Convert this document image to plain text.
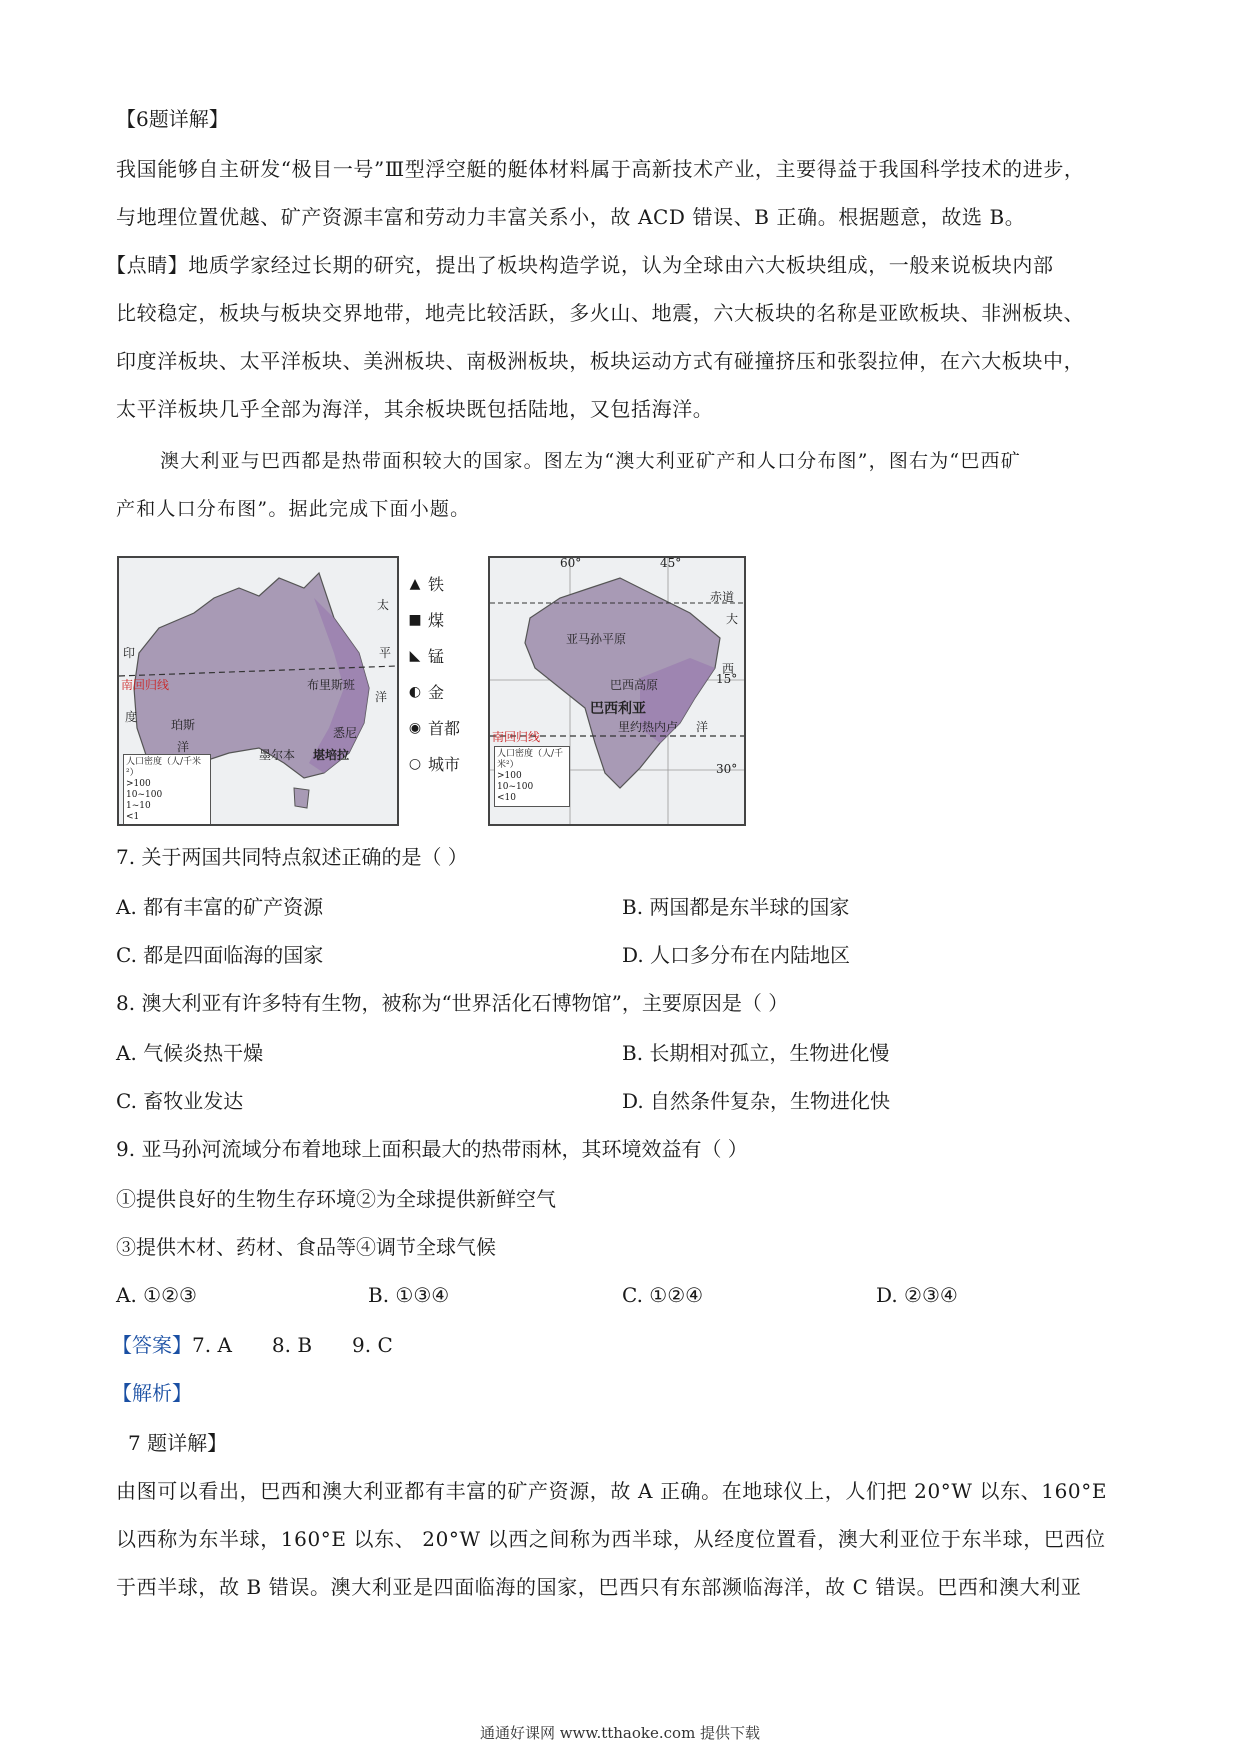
【6题详解】
我国能够自主研发“极目一号”Ⅲ型浮空艇的艇体材料属于高新技术产业，主要得益于我国科学技术的进步，
与地理位置优越、矿产资源丰富和劳动力丰富关系小，故 ACD 错误、B 正确。根据题意，故选 B。
【点睛】地质学家经过长期的研究，提出了板块构造学说，认为全球由六大板块组成，一般来说板块内部
比较稳定，板块与板块交界地带，地壳比较活跃，多火山、地震，六大板块的名称是亚欧板块、非洲板块、
印度洋板块、太平洋板块、美洲板块、南极洲板块，板块运动方式有碰撞挤压和张裂拉伸，在六大板块中，
太平洋板块几乎全部为海洋，其余板块既包括陆地，又包括海洋。
澳大利亚与巴西都是热带面积较大的国家。图左为“澳大利亚矿产和人口分布图”，图右为“巴西矿
产和人口分布图”。据此完成下面小题。
印
度
洋
太
平
洋
南回归线
珀斯
布里斯班
悉尼
墨尔本 堪培拉
人口密度（人/千米²）
>100
10~100
1~10
<1
▲ 铁
■ 煤
◣ 锰
◐ 金
◉ 首都
○ 城市
60°	45°
赤道
大
亚马孙平原
巴西高原
巴西利亚
里约热内卢
西
洋
15°
30°
南回归线
人口密度（人/千米²）
>100
10~100
<10
7. 关于两国共同特点叙述正确的是（ ）
A. 都有丰富的矿产资源	B. 两国都是东半球的国家
C. 都是四面临海的国家	D. 人口多分布在内陆地区
8. 澳大利亚有许多特有生物，被称为“世界活化石博物馆”，主要原因是（ ）
A. 气候炎热干燥	B. 长期相对孤立，生物进化慢
C. 畜牧业发达	D. 自然条件复杂，生物进化快
9. 亚马孙河流域分布着地球上面积最大的热带雨林，其环境效益有（ ）
①提供良好的生物生存环境②为全球提供新鲜空气
③提供木材、药材、食品等④调节全球气候
A. ①②③	B. ①③④	C. ①②④	D. ②③④
【答案】7. A 8. B 9. C
【解析】
7 题详解】
由图可以看出，巴西和澳大利亚都有丰富的矿产资源，故 A 正确。在地球仪上，人们把 20°W 以东、160°E
以西称为东半球，160°E 以东、 20°W 以西之间称为西半球，从经度位置看，澳大利亚位于东半球，巴西位
于西半球，故 B 错误。澳大利亚是四面临海的国家，巴西只有东部濒临海洋，故 C 错误。巴西和澳大利亚
通通好课网 www.tthaoke.com 提供下载
